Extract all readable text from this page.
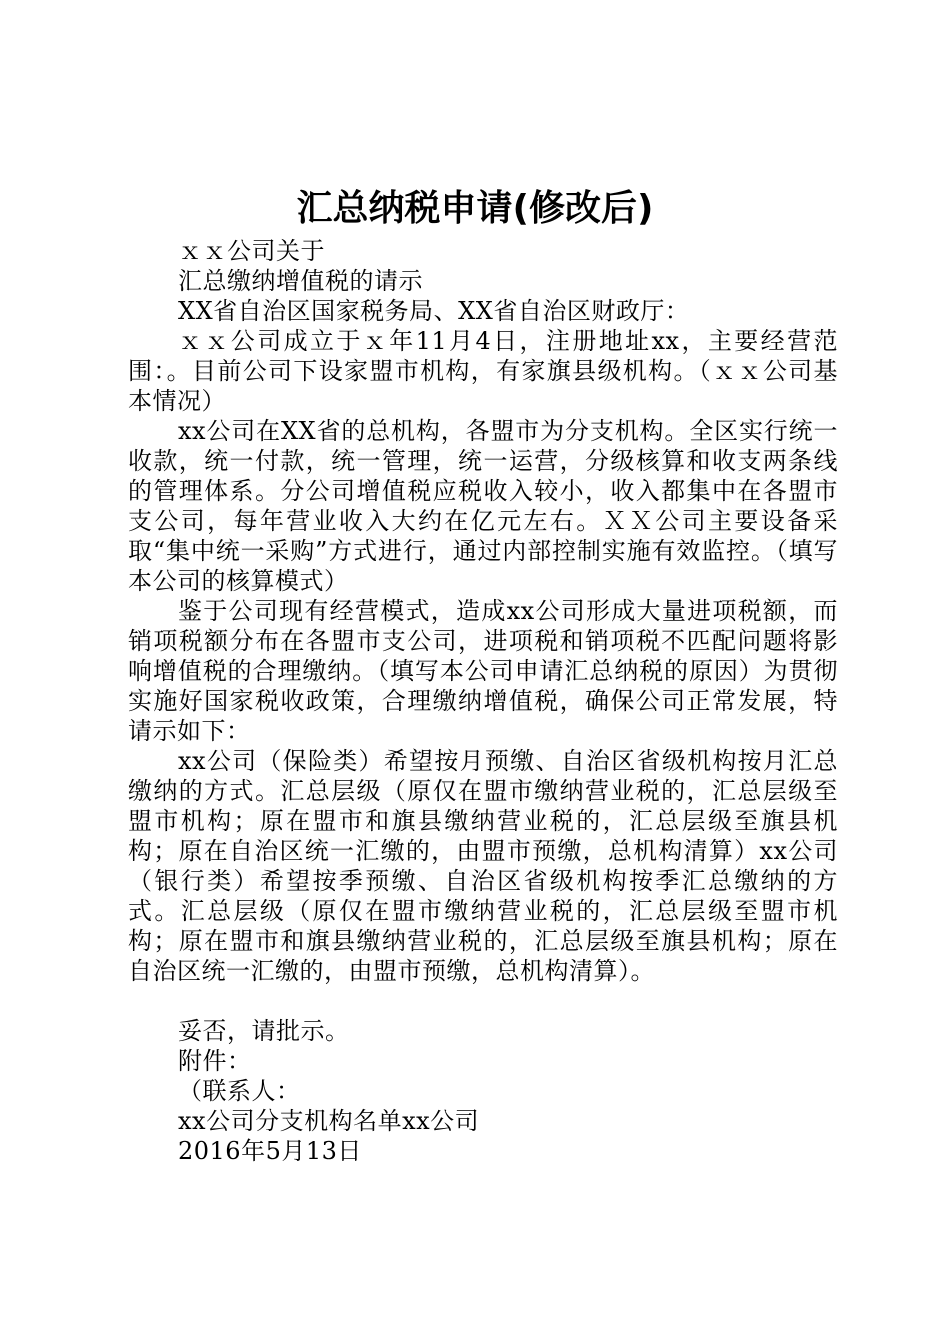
汇总纳税申请(修改后)
ｘｘ公司关于
汇总缴纳增值税的请示
XX省自治区国家税务局、XX省自治区财政厅：

ｘｘ公司成立于ｘ年11月4日，注册地址xx，主要经营范围：。目前公司下设家盟市机构，有家旗县级机构。（ｘｘ公司基本情况）

xx公司在XX省的总机构，各盟市为分支机构。全区实行统一收款，统一付款，统一管理，统一运营，分级核算和收支两条线的管理体系。分公司增值税应税收入较小，收入都集中在各盟市支公司，每年营业收入大约在亿元左右。ＸＸ公司主要设备采取“集中统一采购”方式进行，通过内部控制实施有效监控。（填写本公司的核算模式）

鉴于公司现有经营模式，造成xx公司形成大量进项税额，而销项税额分布在各盟市支公司，进项税和销项税不匹配问题将影响增值税的合理缴纳。（填写本公司申请汇总纳税的原因）为贯彻实施好国家税收政策，合理缴纳增值税，确保公司正常发展，特请示如下：

xx公司（保险类）希望按月预缴、自治区省级机构按月汇总缴纳的方式。汇总层级（原仅在盟市缴纳营业税的，汇总层级至盟市机构；原在盟市和旗县缴纳营业税的，汇总层级至旗县机构；原在自治区统一汇缴的，由盟市预缴，总机构清算）xx公司（银行类）希望按季预缴、自治区省级机构按季汇总缴纳的方式。汇总层级（原仅在盟市缴纳营业税的，汇总层级至盟市机构；原在盟市和旗县缴纳营业税的，汇总层级至旗县机构；原在自治区统一汇缴的，由盟市预缴，总机构清算）。

妥否，请批示。
附件：
（联系人：
xx公司分支机构名单xx公司
2016年5月13日
